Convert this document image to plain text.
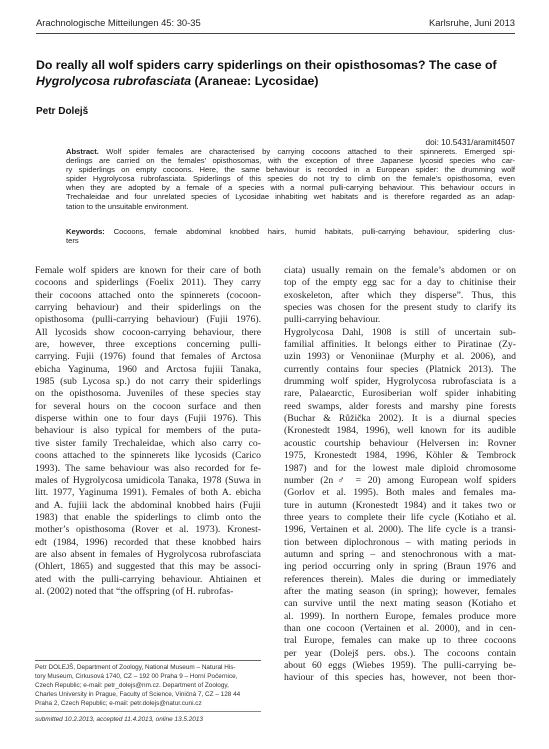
Arachnologische Mitteilungen 45: 30-35	Karlsruhe, Juni 2013
Do really all wolf spiders carry spiderlings on their opisthosomas? The case of
Hygrolycosa rubrofasciata (Araneae: Lycosidae)
Petr Dolejš
doi: 10.5431/aramit4507
Abstract. Wolf spider females are characterised by carrying cocoons attached to their spinnerets. Emerged spi-
derlings are carried on the females’ opisthosomas, with the exception of three Japanese lycosid species who car-
ry spiderlings on empty cocoons. Here, the same behaviour is recorded in a European spider: the drumming wolf
spider Hygrolycosa rubrofasciata. Spiderlings of this species do not try to climb on the female’s opisthosoma, even
when they are adopted by a female of a species with a normal pulli-carrying behaviour. This behaviour occurs in
Trechaleidae and four unrelated species of Lycosidae inhabiting wet habitats and is therefore regarded as an adap-
tation to the unsuitable environment.
Keywords: Cocoons, female abdominal knobbed hairs, humid habitats, pulli-carrying behaviour, spiderling clus-
ters
Female wolf spiders are known for their care of both
cocoons and spiderlings (Foelix 2011). They carry
their cocoons attached onto the spinnerets (cocoon-
carrying behaviour) and their spiderlings on the
opisthosoma (pulli-carrying behaviour) (Fujii 1976).
All lycosids show cocoon-carrying behaviour, there
are, however, three exceptions concerning pulli-
carrying. Fujii (1976) found that females of Arctosa
ebicha Yaginuma, 1960 and Arctosa fujiii Tanaka,
1985 (sub Lycosa sp.) do not carry their spiderlings
on the opisthosoma. Juveniles of these species stay
for several hours on the cocoon surface and then
disperse within one to four days (Fujii 1976). This
behaviour is also typical for members of the puta-
tive sister family Trechaleidae, which also carry co-
coons attached to the spinnerets like lycosids (Carico
1993). The same behaviour was also recorded for fe-
males of Hygrolycosa umidicola Tanaka, 1978 (Suwa in
litt. 1977, Yaginuma 1991). Females of both A. ebicha
and A. fujiii lack the abdominal knobbed hairs (Fujii
1983) that enable the spiderlings to climb onto the
mother’s opisthosoma (Rover et al. 1973). Kronest-
edt (1984, 1996) recorded that these knobbed hairs
are also absent in females of Hygrolycosa rubrofasciata
(Ohlert, 1865) and suggested that this may be associ-
ated with the pulli-carrying behaviour. Ahtiainen et
al. (2002) noted that “the offspring (of H. rubrofas-
ciata) usually remain on the female’s abdomen or on
top of the empty egg sac for a day to chitinise their
exoskeleton, after which they disperse”. Thus, this
species was chosen for the present study to clarify its
pulli-carrying behaviour.
Hygrolycosa Dahl, 1908 is still of uncertain sub-
familial affinities. It belongs either to Piratinae (Zy-
uzin 1993) or Venoniinae (Murphy et al. 2006), and
currently contains four species (Platnick 2013). The
drumming wolf spider, Hygrolycosa rubrofasciata is a
rare, Palaearctic, Eurosiberian wolf spider inhabiting
reed swamps, alder forests and marshy pine forests
(Buchar & Růžička 2002). It is a diurnal species
(Kronestedt 1984, 1996), well known for its audible
acoustic courtship behaviour (Helversen in: Rovner
1975, Kronestedt 1984, 1996, Köhler & Tembrock
1987) and for the lowest male diploid chromosome
number (2n♂ = 20) among European wolf spiders
(Gorlov et al. 1995). Both males and females ma-
ture in autumn (Kronestedt 1984) and it takes two or
three years to complete their life cycle (Kotiaho et al.
1996, Vertainen et al. 2000). The life cycle is a transi-
tion between diplochronous – with mating periods in
autumn and spring – and stenochronous with a mat-
ing period occurring only in spring (Braun 1976 and
references therein). Males die during or immediately
after the mating season (in spring); however, females
can survive until the next mating season (Kotiaho et
al. 1999). In northern Europe, females produce more
than one cocoon (Vertainen et al. 2000), and in cen-
tral Europe, females can make up to three cocoons
per year (Dolejš pers. obs.). The cocoons contain
about 60 eggs (Wiebes 1959). The pulli-carrying be-
haviour of this species has, however, not been thor-
Petr DOLEJŠ, Department of Zoology, National Museum – Natural His-
tory Museum, Cirkusová 1740, CZ – 192 00 Praha 9 – Horní Počernice,
Czech Republic; e-mail: petr_dolejs@nm.cz. Department of Zoology,
Charles University in Prague, Faculty of Science, Viničná 7, CZ – 128 44
Praha 2, Czech Republic; e-mail: petr.dolejs@natur.cuni.cz
submitted 10.2.2013, accepted 11.4.2013, online 13.5.2013
